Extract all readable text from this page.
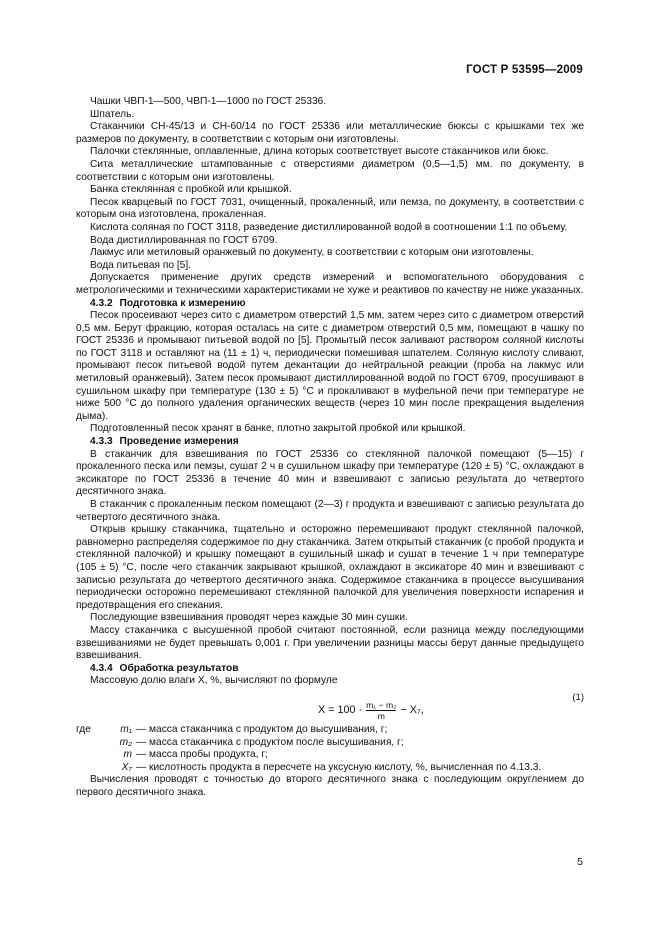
ГОСТ Р 53595—2009

Чашки ЧВП-1—500, ЧВП-1—1000 по ГОСТ 25336.

Шпатель.

Стаканчики СН-45/13 и СН-60/14 по ГОСТ 25336 или металлические бюксы с крышками тех же размеров по документу, в соответствии с которым они изготовлены.

Палочки стеклянные, оплавленные, длина которых соответствует высоте стаканчиков или бюкс.

Сита металлические штампованные с отверстиями диаметром (0,5—1,5) мм. по документу, в соответствии с которым они изготовлены.

Банка стеклянная с пробкой или крышкой.

Песок кварцевый по ГОСТ 7031, очищенный, прокаленный, или пемза, по документу, в соответствии с которым она изготовлена, прокаленная.

Кислота соляная по ГОСТ 3118, разведение дистиллированной водой в соотношении 1:1 по объему.

Вода дистиллированная по ГОСТ 6709.

Лакмус или метиловый оранжевый по документу, в соответствии с которым они изготовлены.

Вода питьевая по [5].

Допускается применение других средств измерений и вспомогательного оборудования с метрологическими и техническими характеристиками не хуже и реактивов по качеству не ниже указанных.

4.3.2 Подготовка к измерению

Песок просеивают через сито с диаметром отверстий 1,5 мм, затем через сито с диаметром отверстий 0,5 мм. Берут фракцию, которая осталась на сите с диаметром отверстий 0,5 мм, помещают в чашку по ГОСТ 25336 и промывают питьевой водой по [5]. Промытый песок заливают раствором соляной кислоты по ГОСТ 3118 и оставляют на (11 ± 1) ч, периодически помешивая шпателем. Соляную кислоту сливают, промывают песок питьевой водой путем декантации до нейтральной реакции (проба на лакмус или метиловый оранжевый). Затем песок промывают дистиллированной водой по ГОСТ 6709, просушивают в сушильном шкафу при температуре (130 ± 5) °С и прокаливают в муфельной печи при температуре не ниже 500 °С до полного удаления органических веществ (через 10 мин после прекращения выделения дыма).

Подготовленный песок хранят в банке, плотно закрытой пробкой или крышкой.

4.3.3 Проведение измерения

В стаканчик для взвешивания по ГОСТ 25336 со стеклянной палочкой помещают (5—15) г прокаленного песка или пемзы, сушат 2 ч в сушильном шкафу при температуре (120 ± 5) °С, охлаждают в эксикаторе по ГОСТ 25336 в течение 40 мин и взвешивают с записью результата до четвертого десятичного знака.

В стаканчик с прокаленным песком помещают (2—3) г продукта и взвешивают с записью результата до четвертого десятичного знака.

Открыв крышку стаканчика, тщательно и осторожно перемешивают продукт стеклянной палочкой, равномерно распределяя содержимое по дну стаканчика. Затем открытый стаканчик (с пробой продукта и стеклянной палочкой) и крышку помещают в сушильный шкаф и сушат в течение 1 ч при температуре (105 ± 5) °С, после чего стаканчик закрывают крышкой, охлаждают в эксикаторе 40 мин и взвешивают с записью результата до четвертого десятичного знака. Содержимое стаканчика в процессе высушивания периодически осторожно перемешивают стеклянной палочкой для увеличения поверхности испарения и предотвращения его спекания.

Последующие взвешивания проводят через каждые 30 мин сушки.

Массу стаканчика с высушенной пробой считают постоянной, если разница между последующими взвешиваниями не будет превышать 0,001 г. При увеличении разницы массы берут данные предыдущего взвешивания.

4.3.4 Обработка результатов

Массовую долю влаги X, %, вычисляют по формуле

$X = 100 \cdot \frac{\text{m₁ − m₂}}{m} - X_7$,
(1)
где	m₁ — масса стаканчика с продуктом до высушивания, г;
m₂ — масса стаканчика с продуктом после высушивания, г;
m — масса пробы продукта, г;
X₇ — кислотность продукта в пересчете на уксусную кислоту, %, вычисленная по 4.13.3.

Вычисления проводят с точностью до второго десятичного знака с последующим округлением до первого десятичного знака.

5
